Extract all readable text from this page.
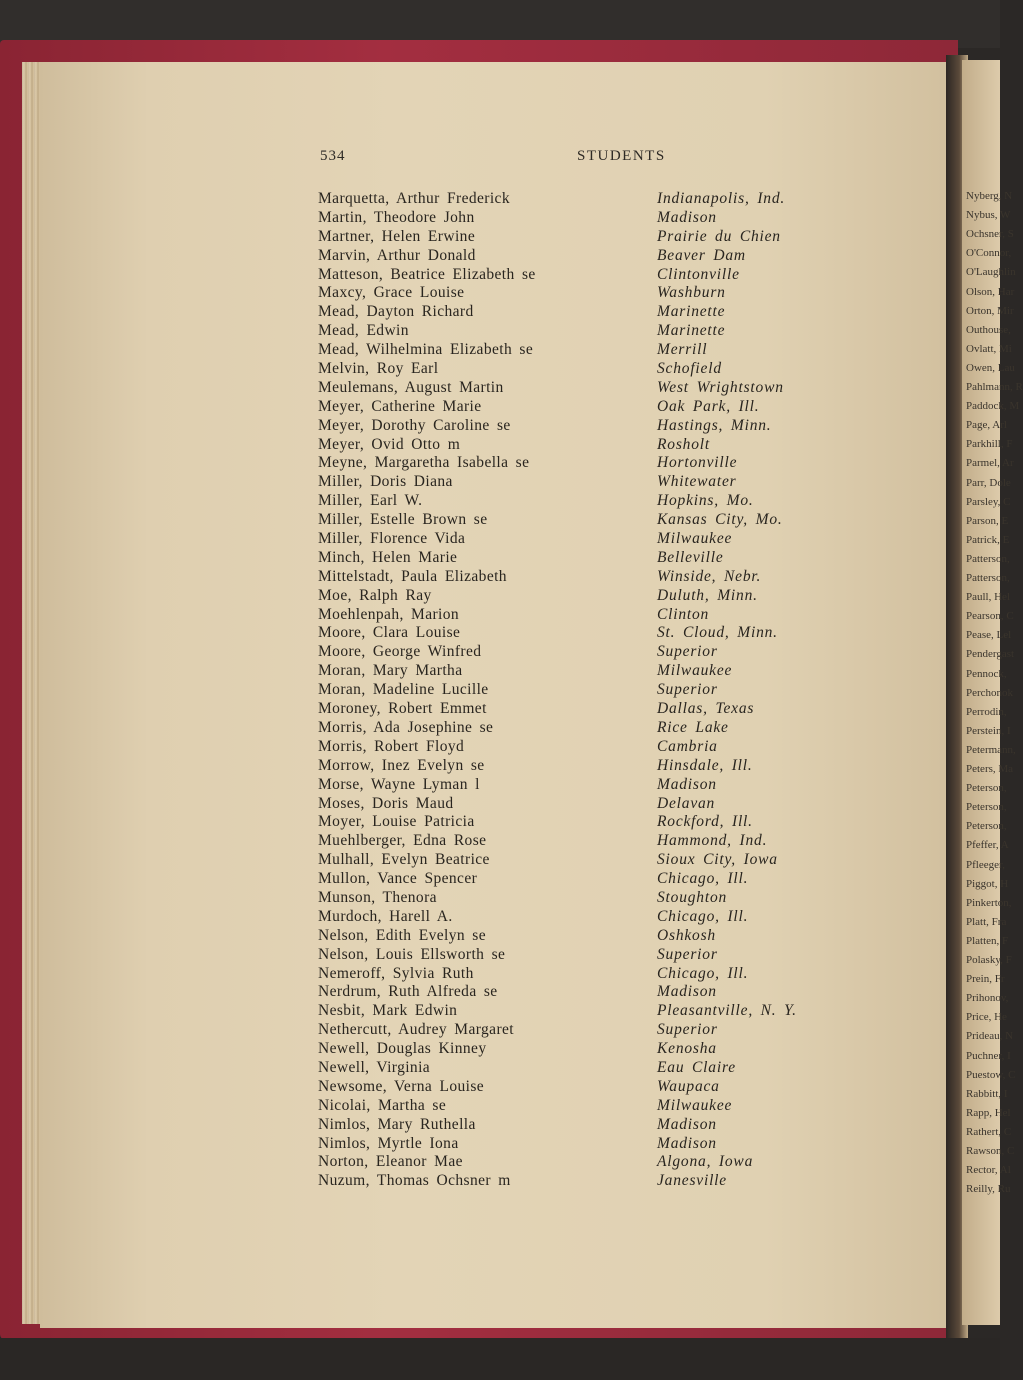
Nyberg, N
Nybus, W
Ochsner, S
O'Connor,
O'Laughlin
Olson, Har
Orton, Mir
Outhouse,
Ovlatt, Mi
Owen, Lau
Pahlmann, R
Paddock, M
Page, Arl
Parkhill, F
Parmel, Ar
Parr, Dole
Parsley, C
Parson, E
Patrick, E
Patterson,
Patterson,
Paull, Hel
Pearson, C
Pease, Lel
Pendergast
Pennock,
Perchonok
Perrodin,
Perstein, I
Petermann,
Peters, Ma
Peterson,
Peterson,
Peterson,
Pfeffer, A
Pfleeger,
Piggot, H
Pinkerton,
Platt, Fra
Platten, F
Polasky, F
Prein, Fr
Prihonov,
Price, He
Prideau, N
Puchner, I
Puestow, C
Rabbitt, I
Rapp, Hel
Rathert, C
Rawson, C
Rector, Al
Reilly, Ru
534	STUDENTS
Marquetta, Arthur Frederick	Indianapolis, Ind.
Martin, Theodore John	Madison
Martner, Helen Erwine	Prairie du Chien
Marvin, Arthur Donald	Beaver Dam
Matteson, Beatrice Elizabeth se	Clintonville
Maxcy, Grace Louise	Washburn
Mead, Dayton Richard	Marinette
Mead, Edwin	Marinette
Mead, Wilhelmina Elizabeth se	Merrill
Melvin, Roy Earl	Schofield
Meulemans, August Martin	West Wrightstown
Meyer, Catherine Marie	Oak Park, Ill.
Meyer, Dorothy Caroline se	Hastings, Minn.
Meyer, Ovid Otto m	Rosholt
Meyne, Margaretha Isabella se	Hortonville
Miller, Doris Diana	Whitewater
Miller, Earl W.	Hopkins, Mo.
Miller, Estelle Brown se	Kansas City, Mo.
Miller, Florence Vida	Milwaukee
Minch, Helen Marie	Belleville
Mittelstadt, Paula Elizabeth	Winside, Nebr.
Moe, Ralph Ray	Duluth, Minn.
Moehlenpah, Marion	Clinton
Moore, Clara Louise	St. Cloud, Minn.
Moore, George Winfred	Superior
Moran, Mary Martha	Milwaukee
Moran, Madeline Lucille	Superior
Moroney, Robert Emmet	Dallas, Texas
Morris, Ada Josephine se	Rice Lake
Morris, Robert Floyd	Cambria
Morrow, Inez Evelyn se	Hinsdale, Ill.
Morse, Wayne Lyman l	Madison
Moses, Doris Maud	Delavan
Moyer, Louise Patricia	Rockford, Ill.
Muehlberger, Edna Rose	Hammond, Ind.
Mulhall, Evelyn Beatrice	Sioux City, Iowa
Mullon, Vance Spencer	Chicago, Ill.
Munson, Thenora	Stoughton
Murdoch, Harell A.	Chicago, Ill.
Nelson, Edith Evelyn se	Oshkosh
Nelson, Louis Ellsworth se	Superior
Nemeroff, Sylvia Ruth	Chicago, Ill.
Nerdrum, Ruth Alfreda se	Madison
Nesbit, Mark Edwin	Pleasantville, N. Y.
Nethercutt, Audrey Margaret	Superior
Newell, Douglas Kinney	Kenosha
Newell, Virginia	Eau Claire
Newsome, Verna Louise	Waupaca
Nicolai, Martha se	Milwaukee
Nimlos, Mary Ruthella	Madison
Nimlos, Myrtle Iona	Madison
Norton, Eleanor Mae	Algona, Iowa
Nuzum, Thomas Ochsner m	Janesville
